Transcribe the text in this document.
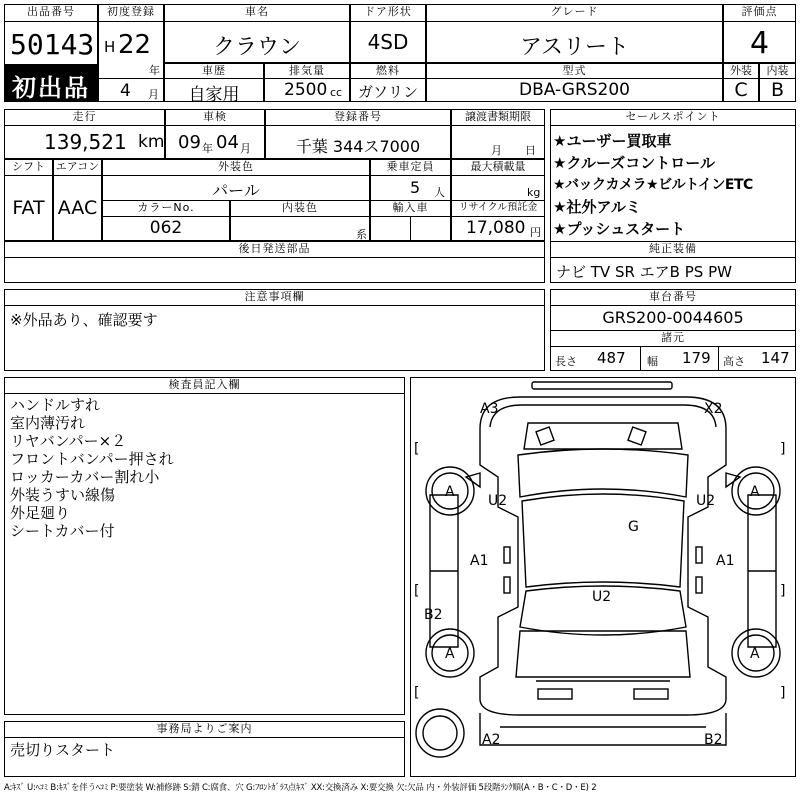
出品番号
50143
初出品
初度登録
H 22
年
4 月
車名
クラウン
ドア形状
4SD
グレード
アスリート
評価点
4
車歴
自家用
排気量
2500 cc
燃料
ガソリン
型式
DBA-GRS200
外装	内装
C	B
走行
139,521 km
車検
09 年 04 月
登録番号
千葉 344ス7000
譲渡書類期限
月 日
シフト
FAT
エアコン
AAC
外装色
パール
乗車定員
5 人
最大積載量
kg
カラーNo.
062
内装色
系
輸入車	リサイクル預託金
17,080 円
後日発送部品
セールスポイント
★ユーザー買取車
★クルーズコントロール
★バックカメラ★ビルトインETC
★社外アルミ
★プッシュスタート
純正装備
ナビ TV SR エアB PS PW
注意事項欄
※外品あり、確認要す
車台番号
GRS200-0044605
諸元
長さ 487 幅 179 高さ 147
検査員記入欄
ハンドルすれ
室内薄汚れ
リヤバンパー×２
フロントバンパー押され
ロッカーカバー割れ小
外装うすい線傷
外足廻り
シートカバー付
事務局よりご案内
売切りスタート
A3	X2
U2	U2
A	A
A	A
G
A1	A1
U2
B2
A2	B2
[	]
[	]
[	]
A:ｷｽﾞ U:ﾍｺﾐ B:ｷｽﾞを伴うﾍｺﾐ P:要塗装 W:補修跡 S:錆 C:腐食、穴 G:ﾌﾛﾝﾄｶﾞﾗｽ点ｷｽﾞ XX:交換済み X:要交換 欠:欠品 内・外装評価 5段階ﾗﾝｸ順(A・B・C・D・E) 2
